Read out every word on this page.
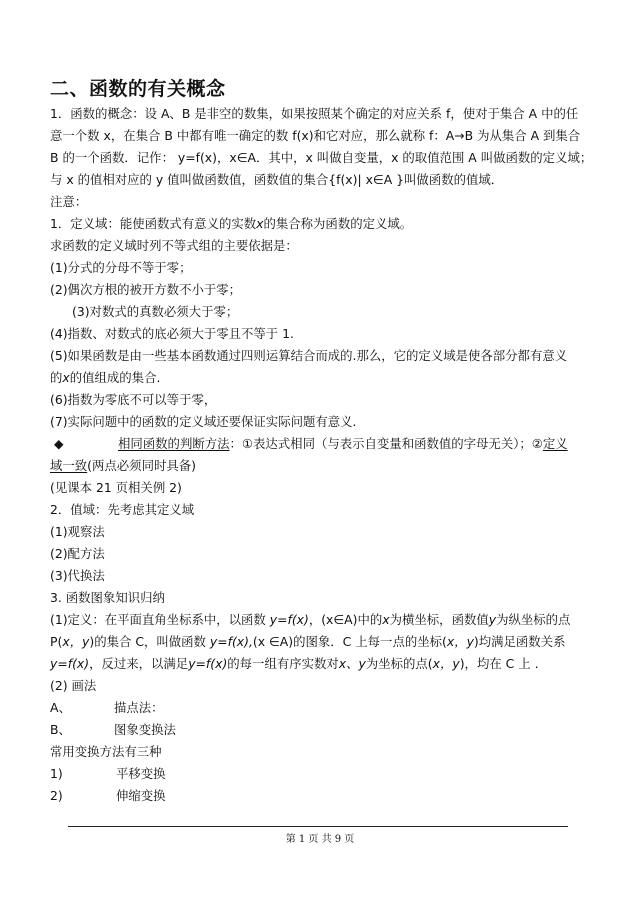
二、函数的有关概念
1．函数的概念：设 A、B 是非空的数集，如果按照某个确定的对应关系 f，使对于集合 A 中的任
意一个数 x，在集合 B 中都有唯一确定的数 f(x)和它对应，那么就称 f：A→B 为从集合 A 到集合
B 的一个函数．记作： y=f(x)，x∈A．其中，x 叫做自变量，x 的取值范围 A 叫做函数的定义域；
与 x 的值相对应的 y 值叫做函数值，函数值的集合{f(x)| x∈A }叫做函数的值域．
注意：
1．定义域：能使函数式有意义的实数x的集合称为函数的定义域。
求函数的定义域时列不等式组的主要依据是：
(1)分式的分母不等于零；
(2)偶次方根的被开方数不小于零；
(3)对数式的真数必须大于零；
(4)指数、对数式的底必须大于零且不等于 1.
(5)如果函数是由一些基本函数通过四则运算结合而成的.那么，它的定义域是使各部分都有意义
的x的值组成的集合.
(6)指数为零底不可以等于零，
(7)实际问题中的函数的定义域还要保证实际问题有意义.
◆	相同函数的判断方法：①表达式相同（与表示自变量和函数值的字母无关）；②定义
域一致(两点必须同时具备)
(见课本 21 页相关例 2)
2．值域：先考虑其定义域
(1)观察法
(2)配方法
(3)代换法
3. 函数图象知识归纳
(1)定义：在平面直角坐标系中，以函数 y=f(x)，(x∈A)中的x为横坐标，函数值y为纵坐标的点
P(x，y)的集合 C，叫做函数 y=f(x),(x ∈A)的图象．C 上每一点的坐标(x，y)均满足函数关系
y=f(x)，反过来，以满足y=f(x)的每一组有序实数对x、y为坐标的点(x，y)，均在 C 上 .
(2) 画法
A、	描点法：
B、	图象变换法
常用变换方法有三种
1)	平移变换
2)	伸缩变换
第 1 页 共 9 页
